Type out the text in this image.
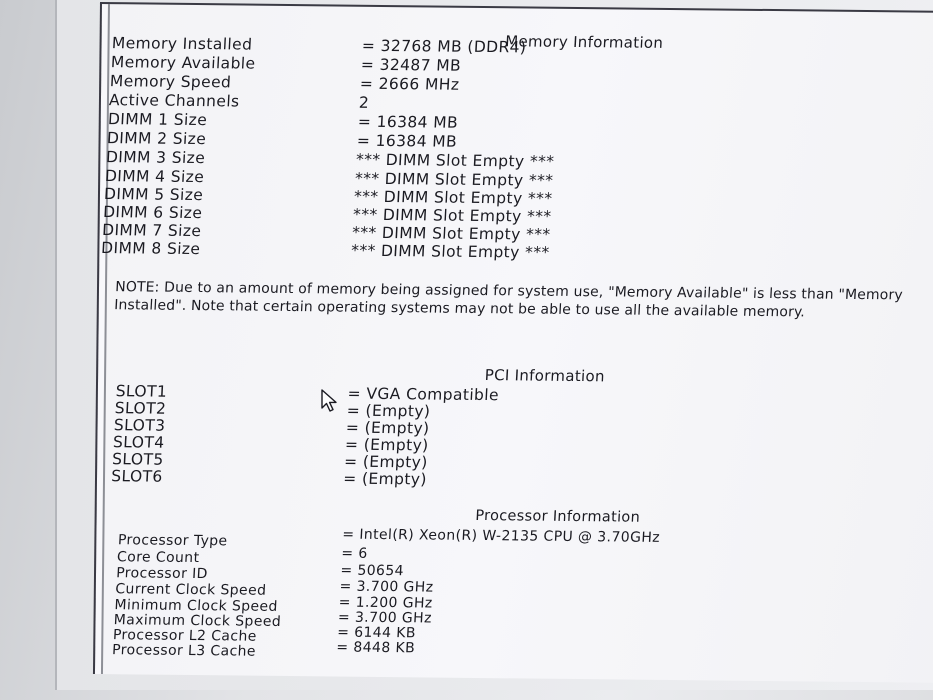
Memory Information
Memory Installed	= 32768 MB (DDR4)
Memory Available	= 32487 MB
Memory Speed	= 2666 MHz
Active Channels	2
DIMM 1 Size	= 16384 MB
DIMM 2 Size	= 16384 MB
DIMM 3 Size	*** DIMM Slot Empty ***
DIMM 4 Size	*** DIMM Slot Empty ***
DIMM 5 Size	*** DIMM Slot Empty ***
DIMM 6 Size	*** DIMM Slot Empty ***
DIMM 7 Size	*** DIMM Slot Empty ***
DIMM 8 Size	*** DIMM Slot Empty ***
NOTE: Due to an amount of memory being assigned for system use, "Memory Available" is less than "Memory Installed". Note that certain operating systems may not be able to use all the available memory.
PCI Information
SLOT1	= VGA Compatible
SLOT2	= (Empty)
SLOT3	= (Empty)
SLOT4	= (Empty)
SLOT5	= (Empty)
SLOT6	= (Empty)
Processor Information
Processor Type	= Intel(R) Xeon(R) W-2135 CPU @ 3.70GHz
Core Count	= 6
Processor ID	= 50654
Current Clock Speed	= 3.700 GHz
Minimum Clock Speed	= 1.200 GHz
Maximum Clock Speed	= 3.700 GHz
Processor L2 Cache	= 6144 KB
Processor L3 Cache	= 8448 KB
